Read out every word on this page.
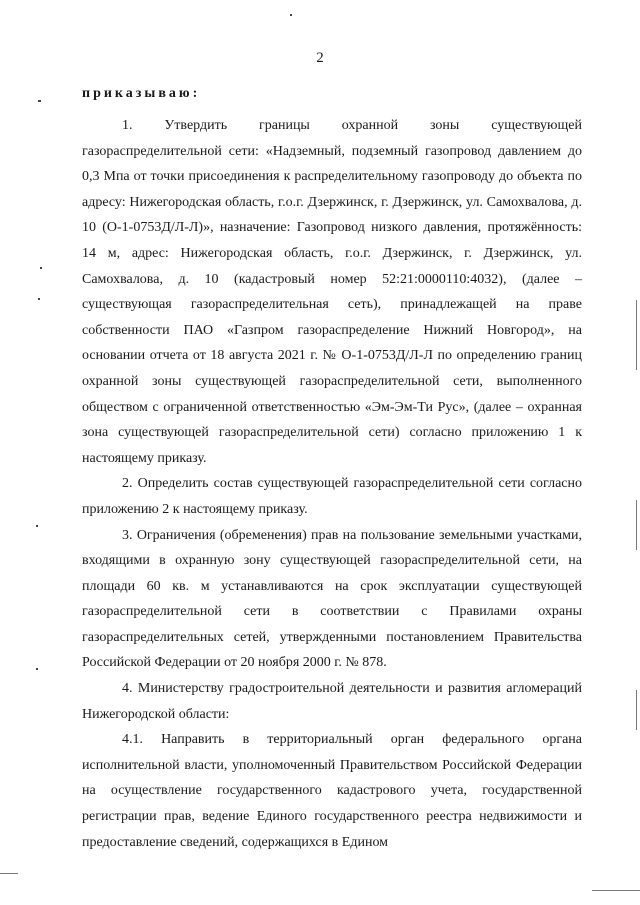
2
приказываю:

1. Утвердить границы охранной зоны существующей газораспределительной сети: «Надземный, подземный газопровод давлением до 0,3 Мпа от точки присоединения к распределительному газопроводу до объекта по адресу: Нижегородская область, г.о.г. Дзержинск, г. Дзержинск, ул. Самохвалова, д. 10 (О-1-0753Д/Л-Л)», назначение: Газопровод низкого давления, протяжённость: 14 м, адрес: Нижегородская область, г.о.г. Дзержинск, г. Дзержинск, ул. Самохвалова, д. 10 (кадастровый номер 52:21:0000110:4032), (далее – существующая газораспределительная сеть), принадлежащей на праве собственности ПАО «Газпром газораспределение Нижний Новгород», на основании отчета от 18 августа 2021 г. № О-1-0753Д/Л-Л по определению границ охранной зоны существующей газораспределительной сети, выполненного обществом с ограниченной ответственностью «Эм-Эм-Ти Рус», (далее – охранная зона существующей газораспределительной сети) согласно приложению 1 к настоящему приказу.

2. Определить состав существующей газораспределительной сети согласно приложению 2 к настоящему приказу.

3. Ограничения (обременения) прав на пользование земельными участками, входящими в охранную зону существующей газораспределительной сети, на площади 60 кв. м устанавливаются на срок эксплуатации существующей газораспределительной сети в соответствии с Правилами охраны газораспределительных сетей, утвержденными постановлением Правительства Российской Федерации от 20 ноября 2000 г. № 878.

4. Министерству градостроительной деятельности и развития агломераций Нижегородской области:

4.1. Направить в территориальный орган федерального органа исполнительной власти, уполномоченный Правительством Российской Федерации на осуществление государственного кадастрового учета, государственной регистрации прав, ведение Единого государственного реестра недвижимости и предоставление сведений, содержащихся в Едином
